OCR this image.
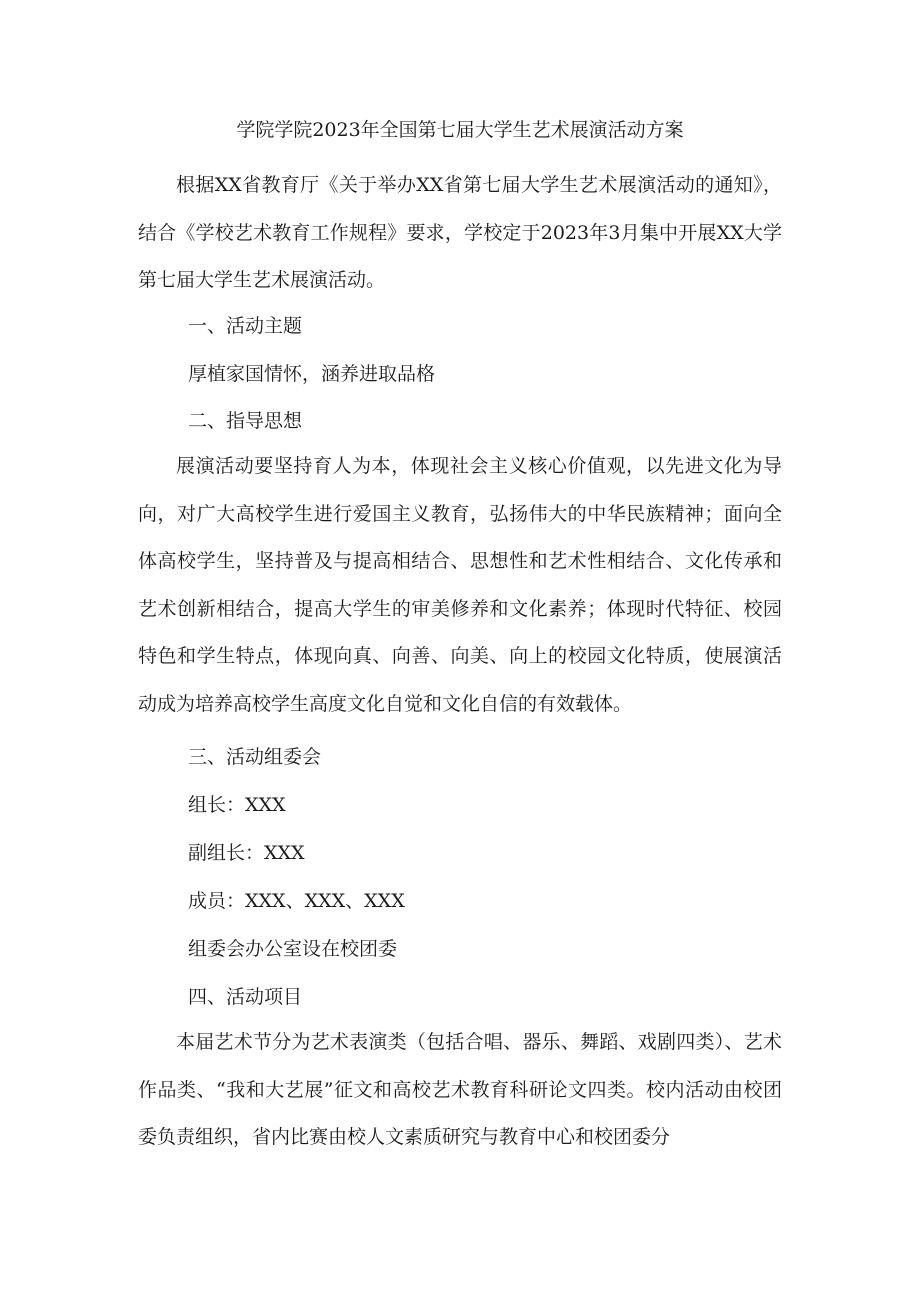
学院学院2023年全国第七届大学生艺术展演活动方案
根据XX省教育厅《关于举办XX省第七届大学生艺术展演活动的通知》，结合《学校艺术教育工作规程》要求，学校定于2023年3月集中开展XX大学第七届大学生艺术展演活动。
一、活动主题
厚植家国情怀，涵养进取品格
二、指导思想
展演活动要坚持育人为本，体现社会主义核心价值观，以先进文化为导向，对广大高校学生进行爱国主义教育，弘扬伟大的中华民族精神；面向全体高校学生，坚持普及与提高相结合、思想性和艺术性相结合、文化传承和艺术创新相结合，提高大学生的审美修养和文化素养；体现时代特征、校园特色和学生特点，体现向真、向善、向美、向上的校园文化特质，使展演活动成为培养高校学生高度文化自觉和文化自信的有效载体。
三、活动组委会
组长：XXX
副组长：XXX
成员：XXX、XXX、XXX
组委会办公室设在校团委
四、活动项目
本届艺术节分为艺术表演类（包括合唱、器乐、舞蹈、戏剧四类）、艺术作品类、“我和大艺展”征文和高校艺术教育科研论文四类。校内活动由校团委负责组织，省内比赛由校人文素质研究与教育中心和校团委分
